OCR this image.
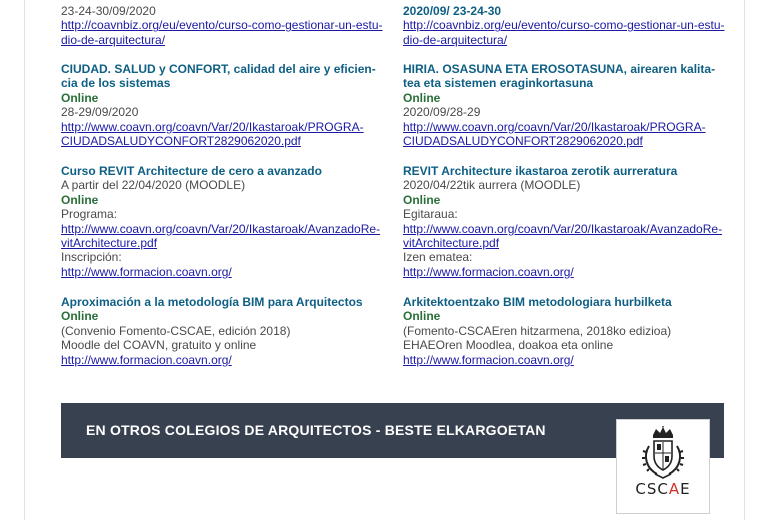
23-24-30/09/2020
http://coavnbiz.org/eu/evento/curso-como-gestionar-un-estu-
dio-de-arquitectura/
CIUDAD. SALUD y CONFORT, calidad del aire y eficien-
cia de los sistemas
Online
28-29/09/2020
http://www.coavn.org/coavn/Var/20/Ikastaroak/PROGRA-
CIUDADSALUDYCONFORT2829062020.pdf
Curso REVIT Architecture de cero a avanzado
A partir del 22/04/2020 (MOODLE)
Online
Programa:
http://www.coavn.org/coavn/Var/20/Ikastaroak/AvanzadoRe-
vitArchitecture.pdf
Inscripción:
http://www.formacion.coavn.org/
Aproximación a la metodología BIM para Arquitectos
Online
(Convenio Fomento-CSCAE, edición 2018)
Moodle del COAVN, gratuito y online
http://www.formacion.coavn.org/
2020/09/ 23-24-30
http://coavnbiz.org/eu/evento/curso-como-gestionar-un-estu-
dio-de-arquitectura/
HIRIA. OSASUNA ETA EROSOTASUNA, airearen kalita-
tea eta sistemen eraginkortasuna
Online
2020/09/28-29
http://www.coavn.org/coavn/Var/20/Ikastaroak/PROGRA-
CIUDADSALUDYCONFORT2829062020.pdf
REVIT Architecture ikastaroa zerotik aurreratura
2020/04/22tik aurrera (MOODLE)
Online
Egitaraua:
http://www.coavn.org/coavn/Var/20/Ikastaroak/AvanzadoRe-
vitArchitecture.pdf
Izen ematea:
http://www.formacion.coavn.org/
Arkitektoentzako BIM metodologiara hurbilketa
Online
(Fomento-CSCAEren hitzarmena, 2018ko edizioa)
EHAEOren Moodlea, doakoa eta online
http://www.formacion.coavn.org/
EN OTROS COLEGIOS DE ARQUITECTOS - BESTE ELKARGOETAN
CSCAE
